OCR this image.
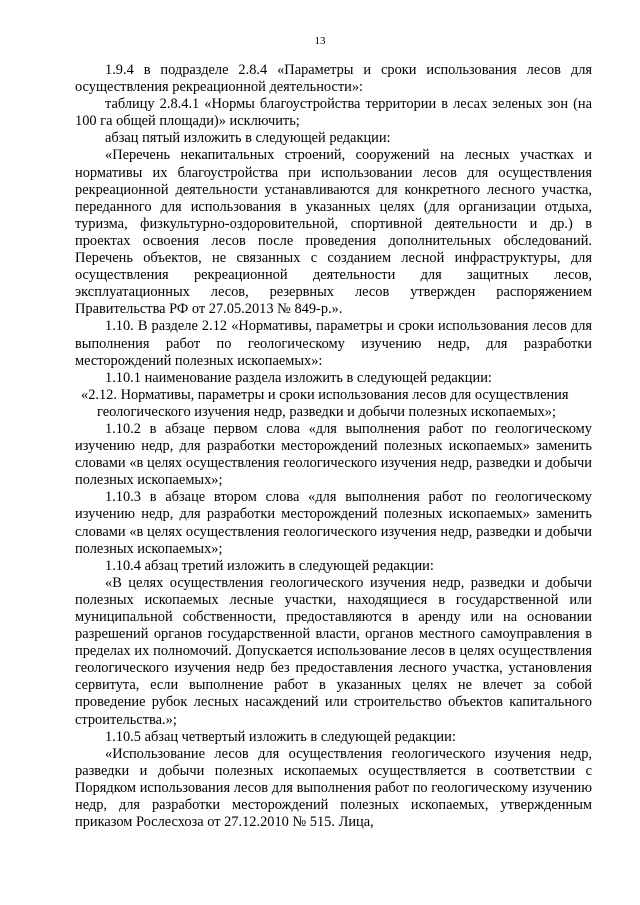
13

1.9.4 в подразделе 2.8.4 «Параметры и сроки использования лесов для осуществления рекреационной деятельности»:

таблицу 2.8.4.1 «Нормы благоустройства территории в лесах зеленых зон (на 100 га общей площади)» исключить;

абзац пятый изложить в следующей редакции:

«Перечень некапитальных строений, сооружений на лесных участках и нормативы их благоустройства при использовании лесов для осуществления рекреационной деятельности устанавливаются для конкретного лесного участка, переданного для использования в указанных целях (для организации отдыха, туризма, физкультурно-оздоровительной, спортивной деятельности и др.) в проектах освоения лесов после проведения дополнительных обследований. Перечень объектов, не связанных с созданием лесной инфраструктуры, для осуществления рекреационной деятельности для защитных лесов, эксплуатационных лесов, резервных лесов утвержден распоряжением Правительства РФ от 27.05.2013 № 849-р.».

1.10. В разделе 2.12 «Нормативы, параметры и сроки использования лесов для выполнения работ по геологическому изучению недр, для разработки месторождений полезных ископаемых»:

1.10.1 наименование раздела изложить в следующей редакции:

«2.12. Нормативы, параметры и сроки использования лесов для осуществления
геологического изучения недр, разведки и добычи полезных ископаемых»;

1.10.2 в абзаце первом слова «для выполнения работ по геологическому изучению недр, для разработки месторождений полезных ископаемых» заменить словами «в целях осуществления геологического изучения недр, разведки и добычи полезных ископаемых»;

1.10.3 в абзаце втором слова «для выполнения работ по геологическому изучению недр, для разработки месторождений полезных ископаемых» заменить словами «в целях осуществления геологического изучения недр, разведки и добычи полезных ископаемых»;

1.10.4 абзац третий изложить в следующей редакции:

«В целях осуществления геологического изучения недр, разведки и добычи полезных ископаемых лесные участки, находящиеся в государственной или муниципальной собственности, предоставляются в аренду или на основании разрешений органов государственной власти, органов местного самоуправления в пределах их полномочий. Допускается использование лесов в целях осуществления геологического изучения недр без предоставления лесного участка, установления сервитута, если выполнение работ в указанных целях не влечет за собой проведение рубок лесных насаждений или строительство объектов капитального строительства.»;

1.10.5 абзац четвертый изложить в следующей редакции:

«Использование лесов для осуществления геологического изучения недр, разведки и добычи полезных ископаемых осуществляется в соответствии с Порядком использования лесов для выполнения работ по геологическому изучению недр, для разработки месторождений полезных ископаемых, утвержденным приказом Рослесхоза от 27.12.2010 № 515. Лица,
